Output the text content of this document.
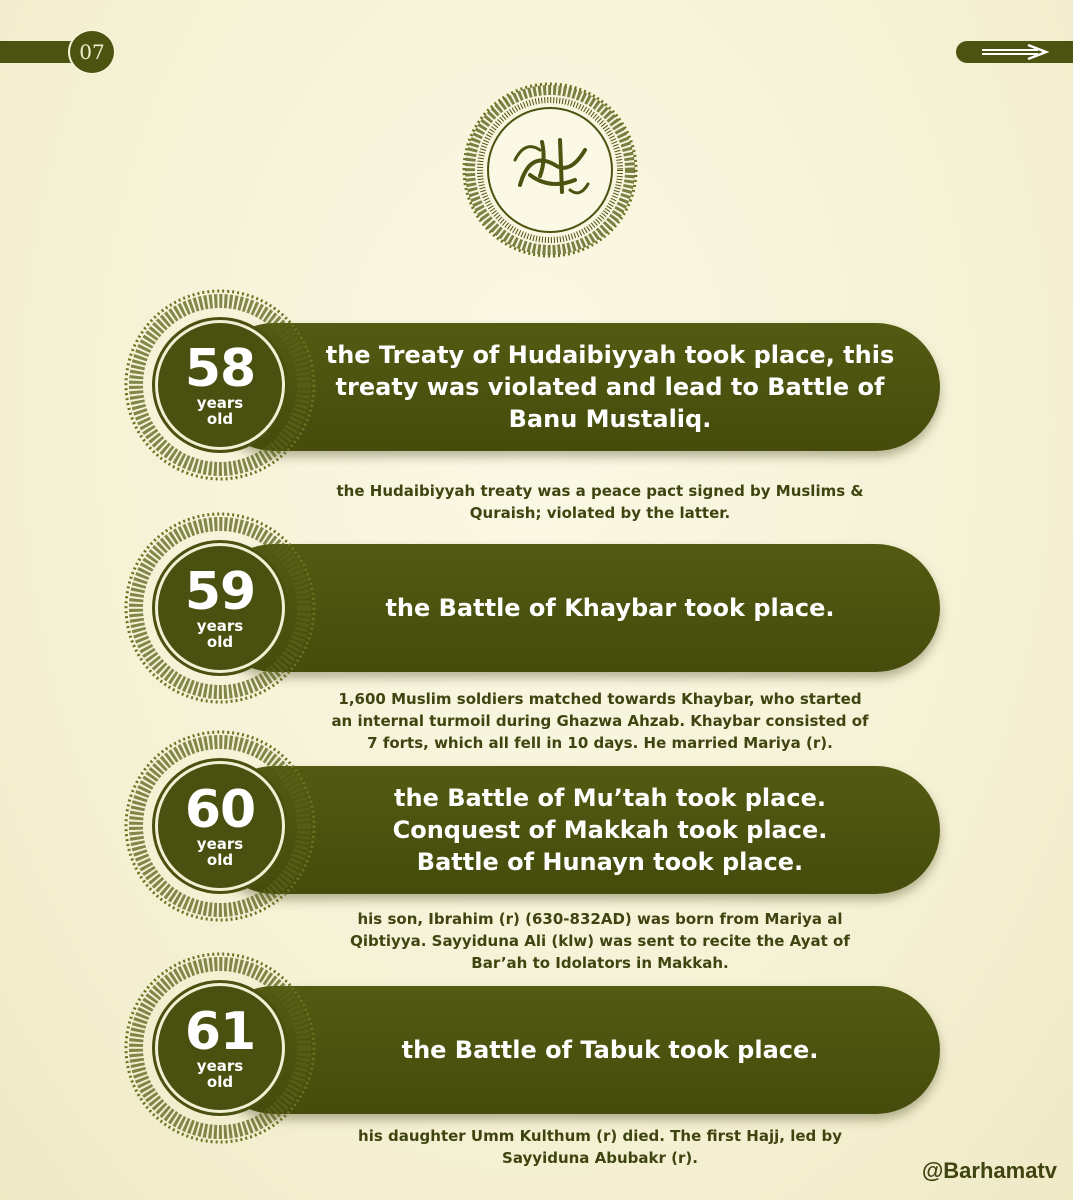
07
the Treaty of Hudaibiyyah took place, this
treaty was violated and lead to Battle of
Banu Mustaliq.
58
years
old
the Hudaibiyyah treaty was a peace pact signed by Muslims &
Quraish; violated by the latter.
the Battle of Khaybar took place.
59
years
old
1,600 Muslim soldiers matched towards Khaybar, who started
an internal turmoil during Ghazwa Ahzab. Khaybar consisted of
7 forts, which all fell in 10 days. He married Mariya (r).
the Battle of Mu’tah took place.
Conquest of Makkah took place.
Battle of Hunayn took place.
60
years
old
his son, Ibrahim (r) (630-832AD) was born from Mariya al
Qibtiyya. Sayyiduna Ali (klw) was sent to recite the Ayat of
Bar’ah to Idolators in Makkah.
the Battle of Tabuk took place.
61
years
old
his daughter Umm Kulthum (r) died. The first Hajj, led by
Sayyiduna Abubakr (r).	@Barhamatv
